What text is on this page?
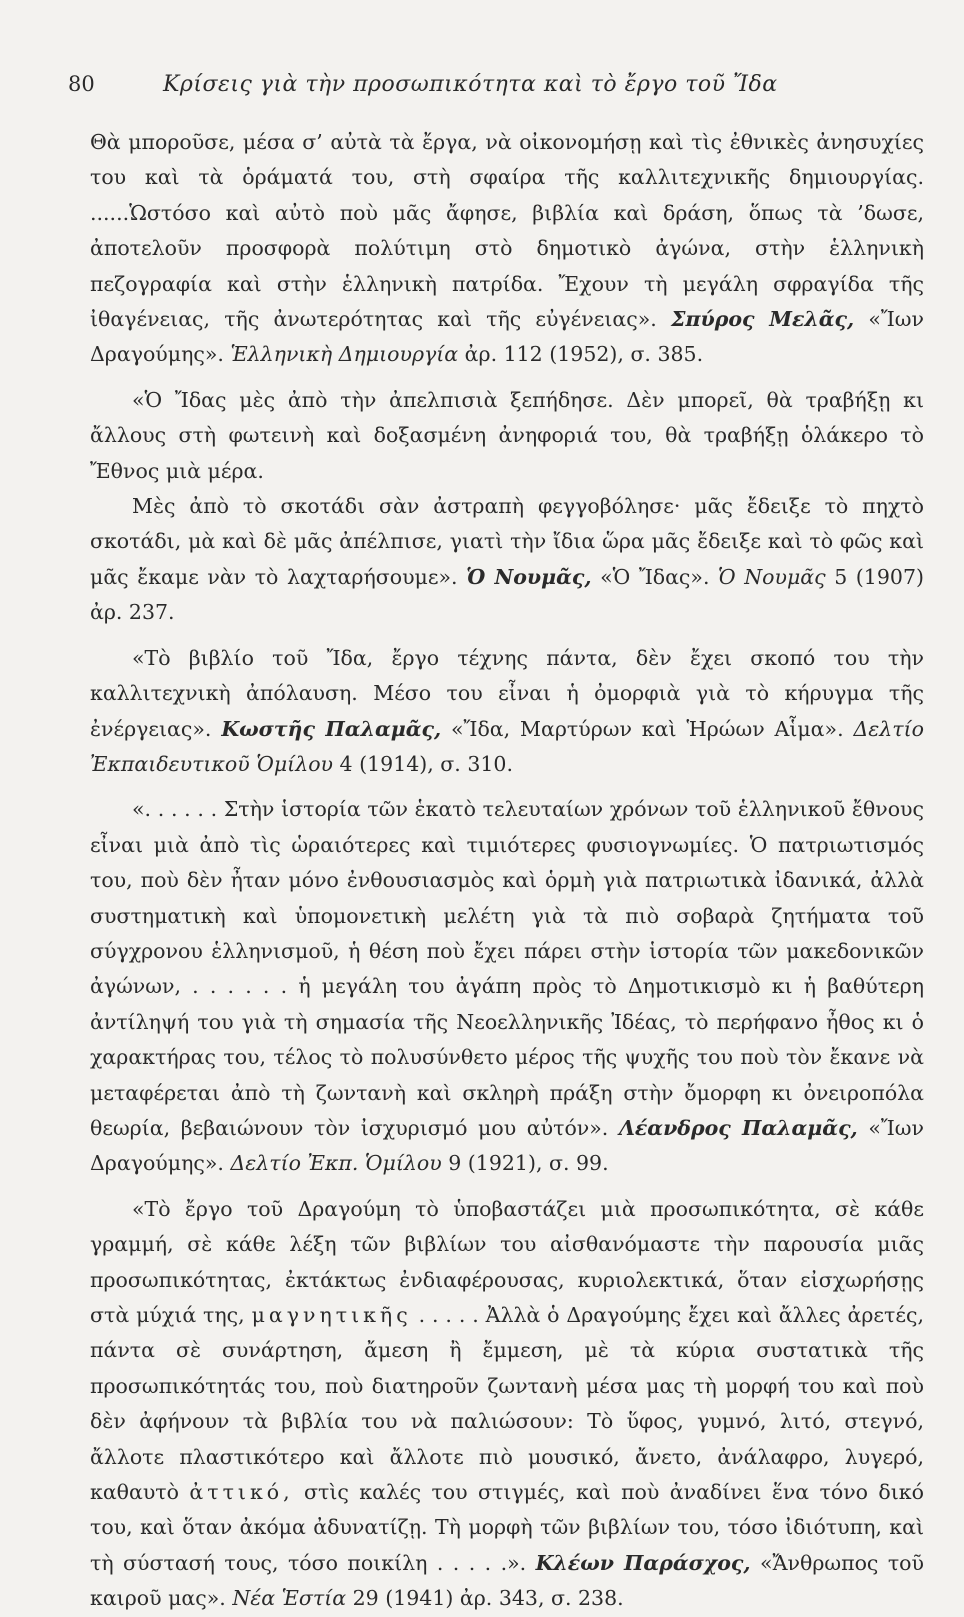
80	Κρίσεις γιὰ τὴν προσωπικότητα καὶ τὸ ἔργο τοῦ Ἴδα

Θὰ μποροῦσε, μέσα σ’ αὐτὰ τὰ ἔργα, νὰ οἰκονομήσῃ καὶ τὶς ἐθνικὲς ἀνησυχίες του καὶ τὰ ὁράματά του, στὴ σφαίρα τῆς καλλιτεχνικῆς δημιουργίας. ......Ὡστόσο καὶ αὐτὸ ποὺ μᾶς ἄφησε, βιβλία καὶ δράση, ὅπως τὰ ’δωσε, ἀποτελοῦν προσφορὰ πολύτιμη στὸ δημοτικὸ ἀγώνα, στὴν ἑλληνικὴ πεζογραφία καὶ στὴν ἑλληνικὴ πατρίδα. Ἔχουν τὴ μεγάλη σφραγίδα τῆς ἰθαγένειας, τῆς ἀνωτερότητας καὶ τῆς εὐγένειας». Σπύρος Μελᾶς, «Ἴων Δραγούμης». Ἑλληνικὴ Δημιουργία ἀρ. 112 (1952), σ. 385.

«Ὁ Ἴδας μὲς ἀπὸ τὴν ἀπελπισιὰ ξεπήδησε. Δὲν μπορεῖ, θὰ τραβήξῃ κι ἄλλους στὴ φωτεινὴ καὶ δοξασμένη ἀνηφοριά του, θὰ τραβήξῃ ὁλάκερο τὸ Ἔθνος μιὰ μέρα.

Μὲς ἀπὸ τὸ σκοτάδι σὰν ἀστραπὴ φεγγοβόλησε· μᾶς ἔδειξε τὸ πηχτὸ σκοτάδι, μὰ καὶ δὲ μᾶς ἀπέλπισε, γιατὶ τὴν ἴδια ὥρα μᾶς ἔδειξε καὶ τὸ φῶς καὶ μᾶς ἔκαμε νὰν τὸ λαχταρήσουμε». Ὁ Νουμᾶς, «Ὁ Ἴδας». Ὁ Νουμᾶς 5 (1907) ἀρ. 237.

«Τὸ βιβλίο τοῦ Ἴδα, ἔργο τέχνης πάντα, δὲν ἔχει σκοπό του τὴν καλλιτεχνικὴ ἀπόλαυση. Μέσο του εἶναι ἡ ὀμορφιὰ γιὰ τὸ κήρυγμα τῆς ἐνέργειας». Κωστῆς Παλαμᾶς, «Ἴδα, Μαρτύρων καὶ Ἡρώων Αἷμα». Δελτίο Ἐκπαιδευτικοῦ Ὁμίλου 4 (1914), σ. 310.

«. . . . . . Στὴν ἱστορία τῶν ἑκατὸ τελευταίων χρόνων τοῦ ἑλληνικοῦ ἔθνους εἶναι μιὰ ἀπὸ τὶς ὡραιότερες καὶ τιμιότερες φυσιογνωμίες. Ὁ πατριωτισμός του, ποὺ δὲν ἦταν μόνο ἐνθουσιασμὸς καὶ ὁρμὴ γιὰ πατριωτικὰ ἰδανικά, ἀλλὰ συστηματικὴ καὶ ὑπομονετικὴ μελέτη γιὰ τὰ πιὸ σοβαρὰ ζητήματα τοῦ σύγχρονου ἑλληνισμοῦ, ἡ θέση ποὺ ἔχει πάρει στὴν ἱστορία τῶν μακεδονικῶν ἀγώνων, . . . . . . ἡ μεγάλη του ἀγάπη πρὸς τὸ Δημοτικισμὸ κι ἡ βαθύτερη ἀντίληψή του γιὰ τὴ σημασία τῆς Νεοελληνικῆς Ἰδέας, τὸ περήφανο ἦθος κι ὁ χαρακτήρας του, τέλος τὸ πολυσύνθετο μέρος τῆς ψυχῆς του ποὺ τὸν ἔκανε νὰ μεταφέρεται ἀπὸ τὴ ζωντανὴ καὶ σκληρὴ πράξη στὴν ὄμορφη κι ὀνειροπόλα θεωρία, βεβαιώνουν τὸν ἰσχυρισμό μου αὐτόν». Λέανδρος Παλαμᾶς, «Ἴων Δραγούμης». Δελτίο Ἐκπ. Ὁμίλου 9 (1921), σ. 99.

«Τὸ ἔργο τοῦ Δραγούμη τὸ ὑποβαστάζει μιὰ προσωπικότητα, σὲ κάθε γραμμή, σὲ κάθε λέξη τῶν βιβλίων του αἰσθανόμαστε τὴν παρουσία μιᾶς προσωπικότητας, ἐκτάκτως ἐνδιαφέρουσας, κυριολεκτικά, ὅταν εἰσχωρήσῃς στὰ μύχιά της, μαγνητικῆς . . . . . Ἀλλὰ ὁ Δραγούμης ἔχει καὶ ἄλλες ἀρετές, πάντα σὲ συνάρτηση, ἄμεση ἢ ἔμμεση, μὲ τὰ κύρια συστατικὰ τῆς προσωπικότητάς του, ποὺ διατηροῦν ζωντανὴ μέσα μας τὴ μορφή του καὶ ποὺ δὲν ἀφήνουν τὰ βιβλία του νὰ παλιώσουν: Τὸ ὕφος, γυμνό, λιτό, στεγνό, ἄλλοτε πλαστικότερο καὶ ἄλλοτε πιὸ μουσικό, ἄνετο, ἀνάλαφρο, λυγερό, καθαυτὸ ἀττικό, στὶς καλές του στιγμές, καὶ ποὺ ἀναδίνει ἕνα τόνο δικό του, καὶ ὅταν ἀκόμα ἀδυνατίζῃ. Τὴ μορφὴ τῶν βιβλίων του, τόσο ἰδιότυπη, καὶ τὴ σύστασή τους, τόσο ποικίλη . . . . .». Κλέων Παράσχος, «Ἄνθρωπος τοῦ καιροῦ μας». Νέα Ἑστία 29 (1941) ἀρ. 343, σ. 238.
